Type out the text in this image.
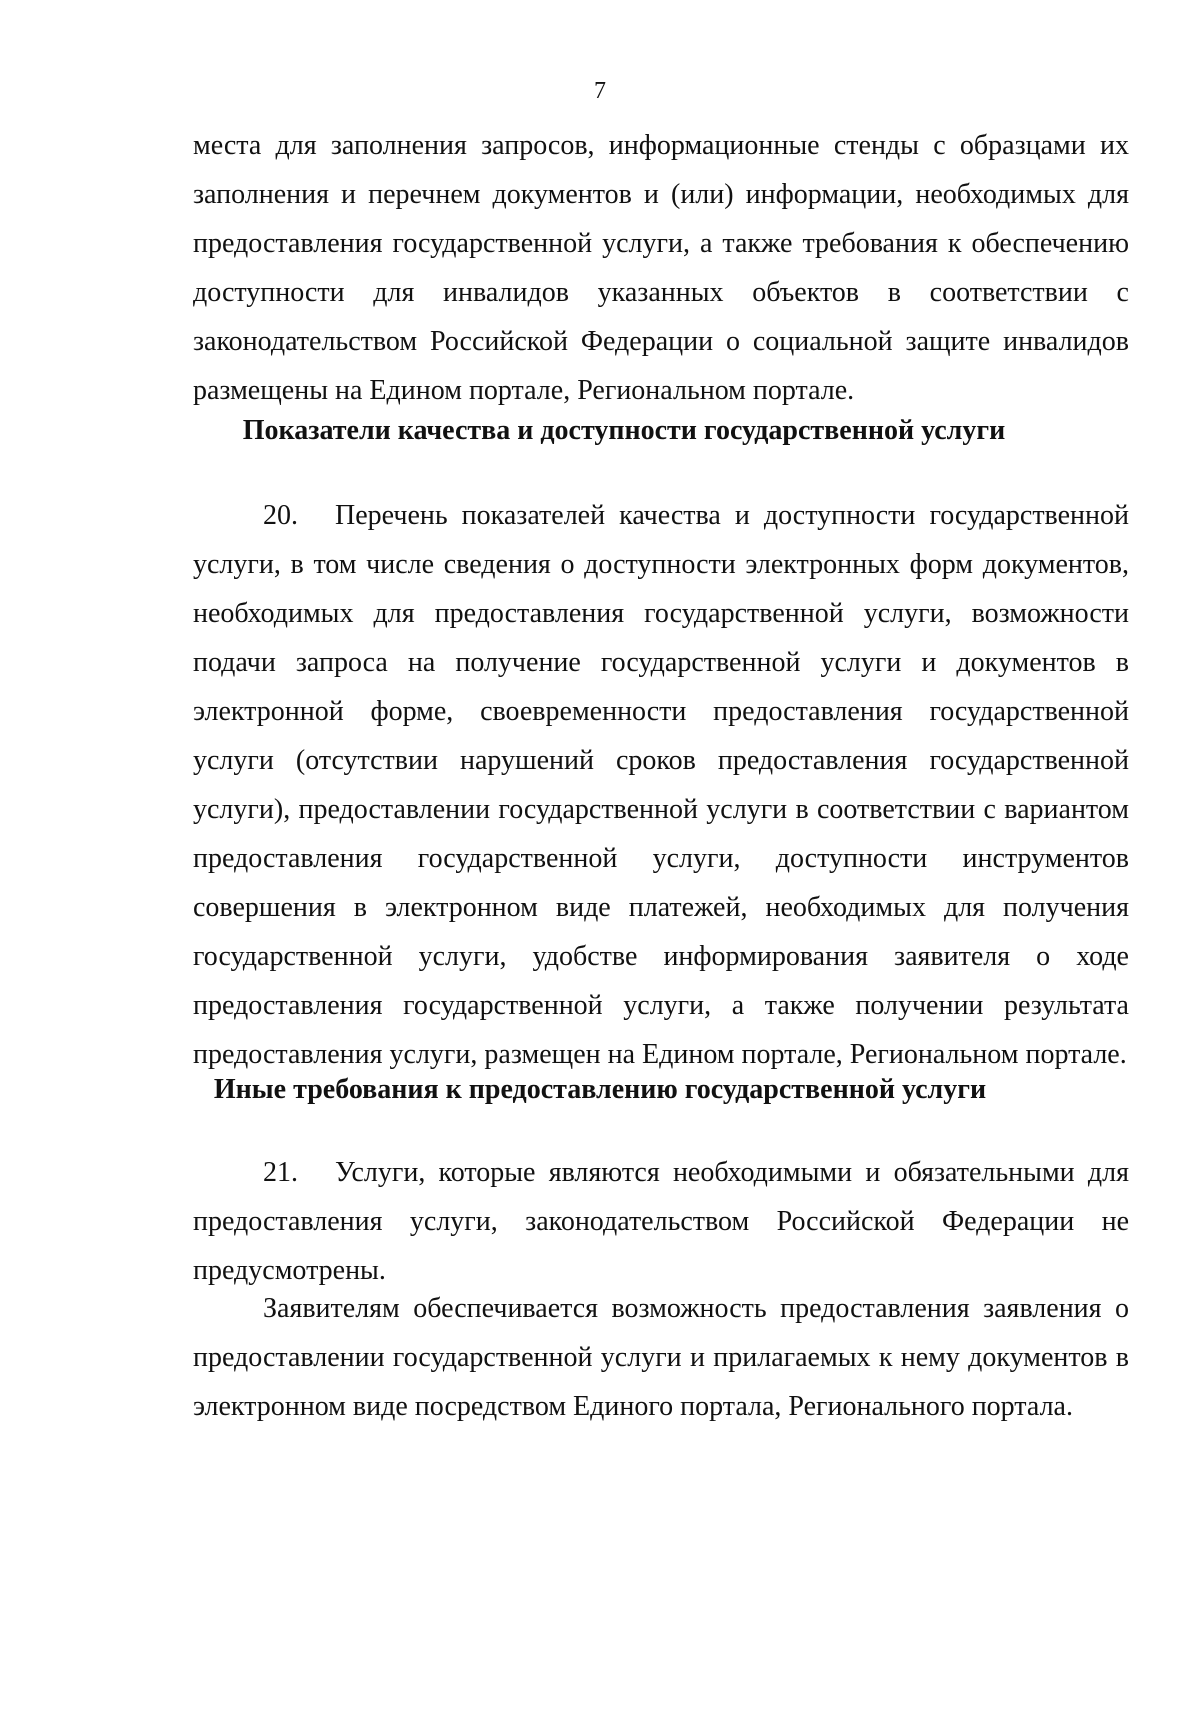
7

места для заполнения запросов, информационные стенды с образцами их заполнения и перечнем документов и (или) информации, необходимых для предоставления государственной услуги, а также требования к обеспечению доступности для инвалидов указанных объектов в соответствии с законодательством Российской Федерации о социальной защите инвалидов размещены на Едином портале, Региональном портале.

Показатели качества и доступности государственной услуги

20. Перечень показателей качества и доступности государственной услуги, в том числе сведения о доступности электронных форм документов, необходимых для предоставления государственной услуги, возможности подачи запроса на получение государственной услуги и документов в электронной форме, своевременности предоставления государственной услуги (отсутствии нарушений сроков предоставления государственной услуги), предоставлении государственной услуги в соответствии с вариантом предоставления государственной услуги, доступности инструментов совершения в электронном виде платежей, необходимых для получения государственной услуги, удобстве информирования заявителя о ходе предоставления государственной услуги, а также получении результата предоставления услуги, размещен на Едином портале, Региональном портале.

Иные требования к предоставлению государственной услуги

21. Услуги, которые являются необходимыми и обязательными для предоставления услуги, законодательством Российской Федерации не предусмотрены.

Заявителям обеспечивается возможность предоставления заявления о предоставлении государственной услуги и прилагаемых к нему документов в электронном виде посредством Единого портала, Регионального портала.
